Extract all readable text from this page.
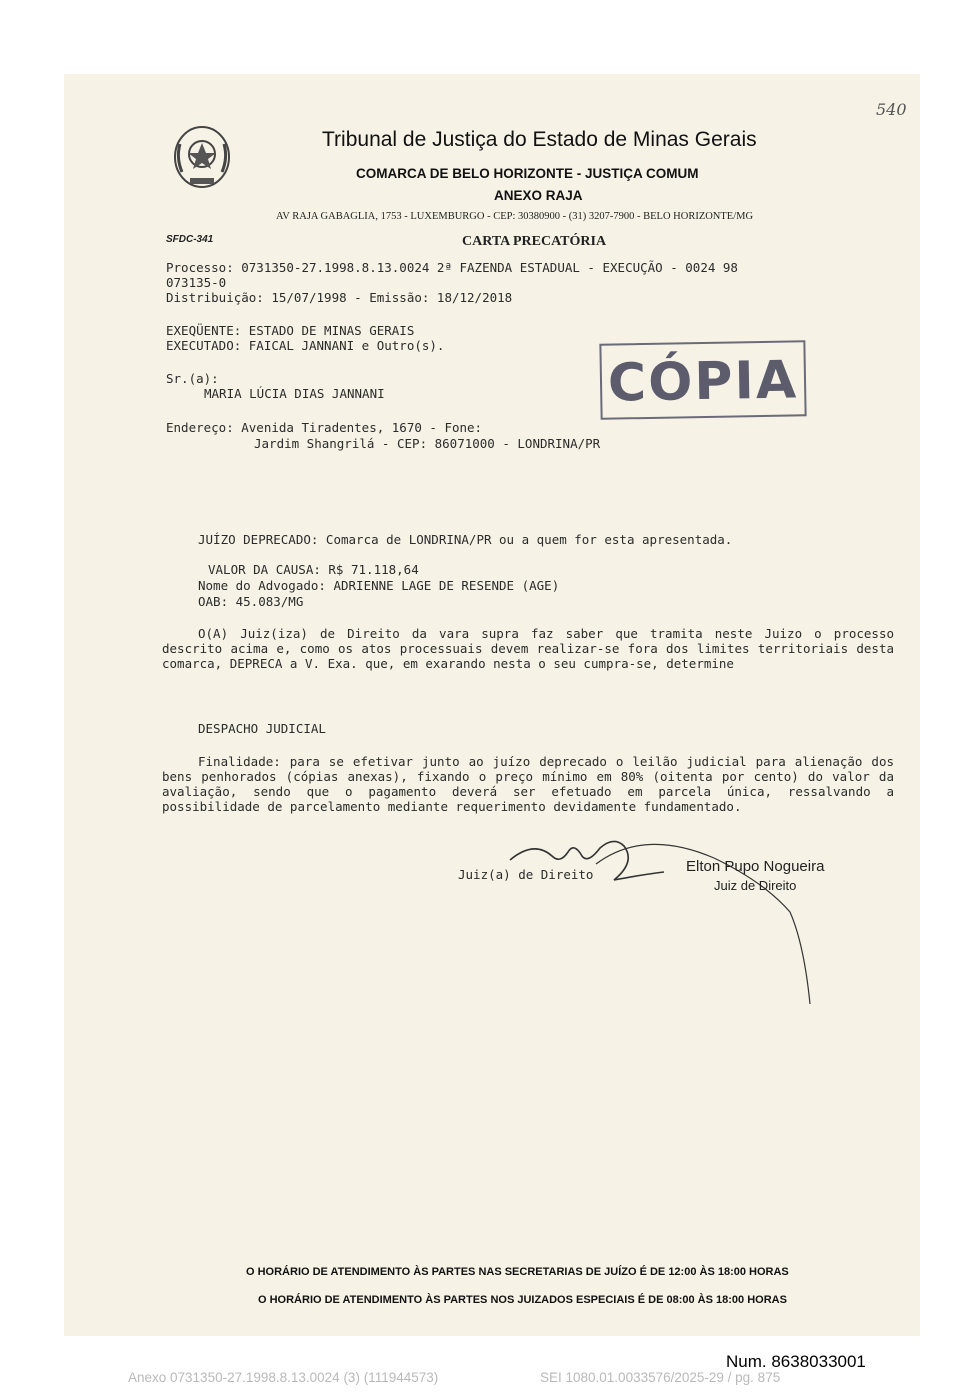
540
Tribunal de Justiça do Estado de Minas Gerais
COMARCA DE BELO HORIZONTE - JUSTIÇA COMUM
ANEXO RAJA
AV RAJA GABAGLIA, 1753 - LUXEMBURGO - CEP: 30380900 - (31) 3207-7900 - BELO HORIZONTE/MG
SFDC-341	CARTA PRECATÓRIA
Processo: 0731350-27.1998.8.13.0024 2ª FAZENDA ESTADUAL - EXECUÇÃO - 0024 98
073135-0
Distribuição: 15/07/1998 - Emissão: 18/12/2018
EXEQÜENTE: ESTADO DE MINAS GERAIS
EXECUTADO: FAICAL JANNANI e Outro(s).
CÓPIA
Sr.(a):
MARIA LÚCIA DIAS JANNANI
Endereço: Avenida Tiradentes, 1670 - Fone:
Jardim Shangrilá - CEP: 86071000 - LONDRINA/PR
JUÍZO DEPRECADO: Comarca de LONDRINA/PR ou a quem for esta apresentada.
VALOR DA CAUSA: R$ 71.118,64
Nome do Advogado: ADRIENNE LAGE DE RESENDE (AGE)
OAB: 45.083/MG
O(A) Juiz(iza) de Direito da vara supra faz saber que tramita neste Juizo o processo descrito acima e, como os atos processuais devem realizar-se fora dos limites territoriais desta comarca, DEPRECA a V. Exa. que, em exarando nesta o seu cumpra-se, determine
DESPACHO JUDICIAL
Finalidade: para se efetivar junto ao juízo deprecado o leilão judicial para alienação dos bens penhorados (cópias anexas), fixando o preço mínimo em 80% (oitenta por cento) do valor da avaliação, sendo que o pagamento deverá ser efetuado em parcela única, ressalvando a possibilidade de parcelamento mediante requerimento devidamente fundamentado.
Juiz(a) de Direito	Elton Pupo Nogueira
Juiz de Direito
O HORÁRIO DE ATENDIMENTO ÀS PARTES NAS SECRETARIAS DE JUÍZO É DE 12:00 ÀS 18:00 HORAS
O HORÁRIO DE ATENDIMENTO ÀS PARTES NOS JUIZADOS ESPECIAIS É DE 08:00 ÀS 18:00 HORAS
Num. 8638033001
Anexo 0731350-27.1998.8.13.0024 (3) (111944573)	SEI 1080.01.0033576/2025-29 / pg. 875
